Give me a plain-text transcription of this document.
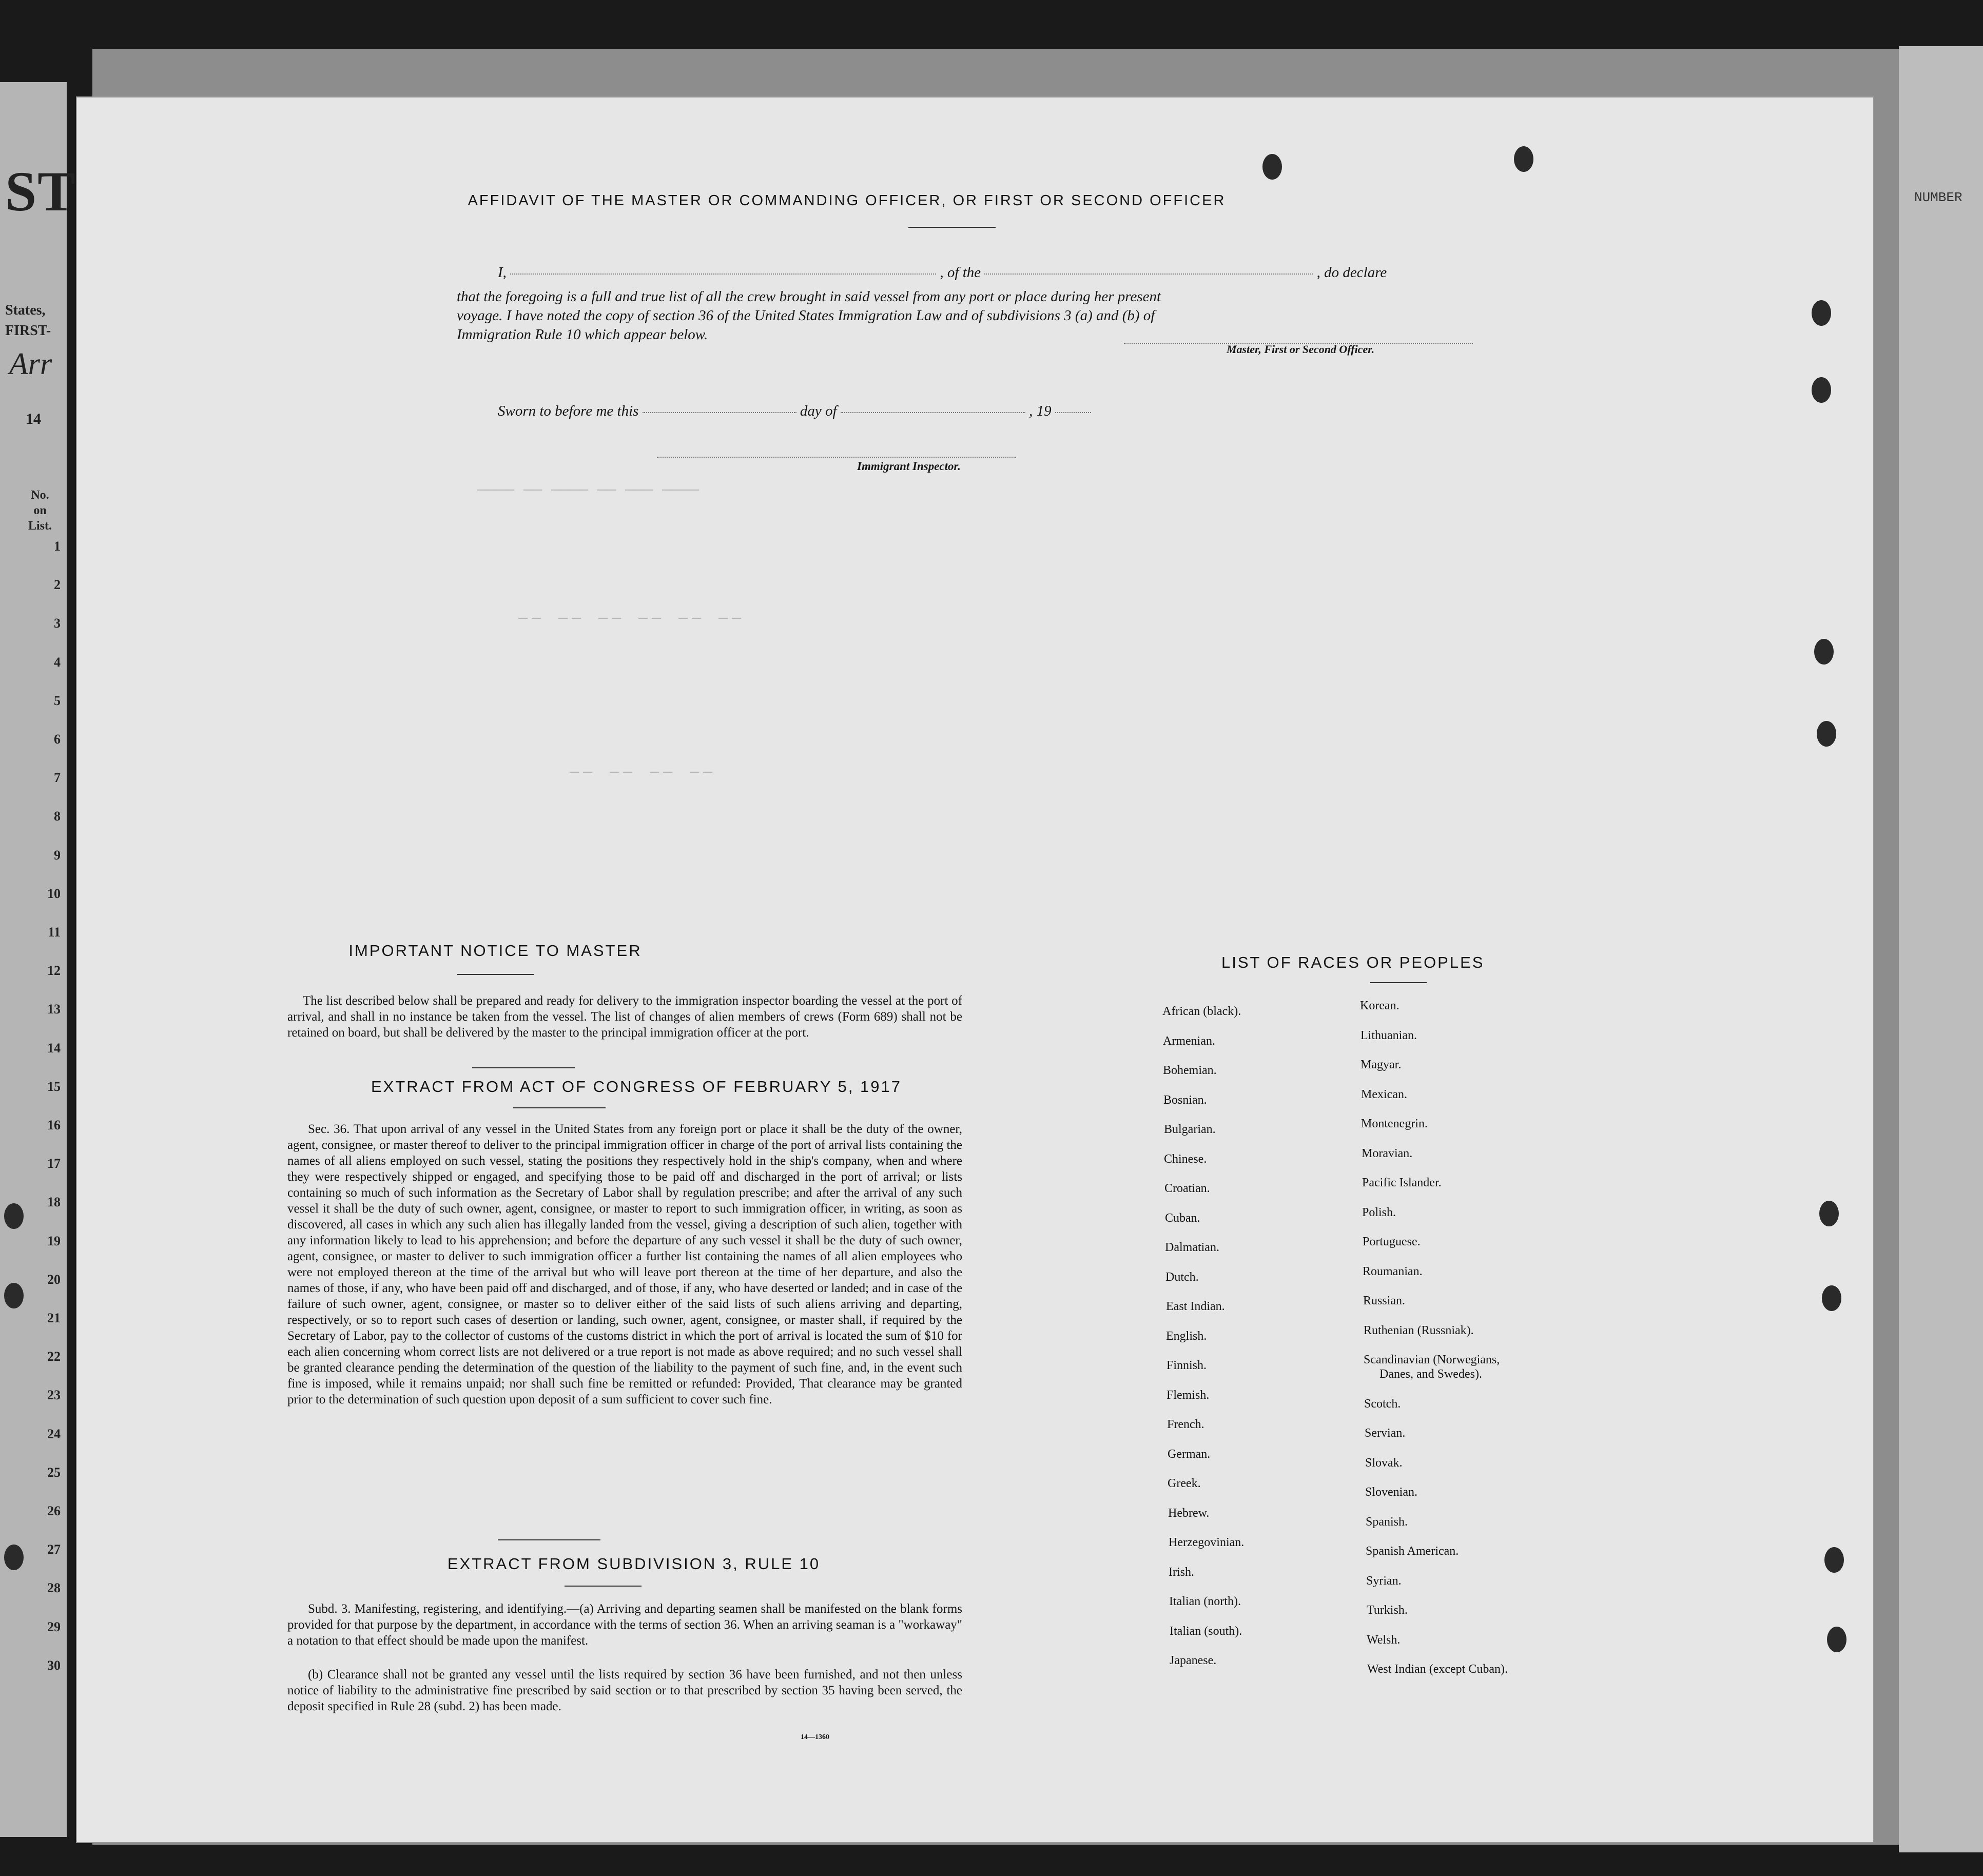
NUMBER
ST
States,
FIRST-
Arr
14
No.
on
List.
1
2
3
4
5
6
7
8
9
10
11
12
13
14
15
16
17
18
19
20
21
22
23
24
25
26
27
28
29
30
──── ── ──── ── ─── ────
── ── ── ── ── ──
── ── ── ──
AFFIDAVIT OF THE MASTER OR COMMANDING OFFICER, OR FIRST OR SECOND OFFICER
I,	, of the	, do declare
that the foregoing is a full and true list of all the crew brought in said vessel from any port or place during her present
voyage. I have noted the copy of section 36 of the United States Immigration Law and of subdivisions 3 (a) and (b) of
Immigration Rule 10 which appear below.
Master, First or Second Officer.
Sworn to before me this	day of	, 19
Immigrant Inspector.
IMPORTANT NOTICE TO MASTER
The list described below shall be prepared and ready for delivery to the immigration inspector boarding the vessel at the port of arrival, and shall in no instance be taken from the vessel. The list of changes of alien members of crews (Form 689) shall not be retained on board, but shall be delivered by the master to the principal immigration officer at the port.
EXTRACT FROM ACT OF CONGRESS OF FEBRUARY 5, 1917
Sec. 36. That upon arrival of any vessel in the United States from any foreign port or place it shall be the duty of the owner, agent, consignee, or master thereof to deliver to the principal immigration officer in charge of the port of arrival lists containing the names of all aliens employed on such vessel, stating the positions they respectively hold in the ship's company, when and where they were respectively shipped or engaged, and specifying those to be paid off and discharged in the port of arrival; or lists containing so much of such information as the Secretary of Labor shall by regulation prescribe; and after the arrival of any such vessel it shall be the duty of such owner, agent, consignee, or master to report to such immigration officer, in writing, as soon as discovered, all cases in which any such alien has illegally landed from the vessel, giving a description of such alien, together with any information likely to lead to his apprehension; and before the departure of any such vessel it shall be the duty of such owner, agent, consignee, or master to deliver to such immigration officer a further list containing the names of all alien employees who were not employed thereon at the time of the arrival but who will leave port thereon at the time of her departure, and also the names of those, if any, who have been paid off and discharged, and of those, if any, who have deserted or landed; and in case of the failure of such owner, agent, consignee, or master so to deliver either of the said lists of such aliens arriving and departing, respectively, or so to report such cases of desertion or landing, such owner, agent, consignee, or master shall, if required by the Secretary of Labor, pay to the collector of customs of the customs district in which the port of arrival is located the sum of $10 for each alien concerning whom correct lists are not delivered or a true report is not made as above required; and no such vessel shall be granted clearance pending the determination of the question of the liability to the payment of such fine, and, in the event such fine is imposed, while it remains unpaid; nor shall such fine be remitted or refunded: Provided, That clearance may be granted prior to the determination of such question upon deposit of a sum sufficient to cover such fine.
EXTRACT FROM SUBDIVISION 3, RULE 10
Subd. 3. Manifesting, registering, and identifying.—(a) Arriving and departing seamen shall be manifested on the blank forms provided for that purpose by the department, in accordance with the terms of section 36. When an arriving seaman is a "workaway" a notation to that effect should be made upon the manifest.
(b) Clearance shall not be granted any vessel until the lists required by section 36 have been furnished, and not then unless notice of liability to the administrative fine prescribed by said section or to that prescribed by section 35 having been served, the deposit specified in Rule 28 (subd. 2) has been made.
14—1360
LIST OF RACES OR PEOPLES
African (black).
Armenian.
Bohemian.
Bosnian.
Bulgarian.
Chinese.
Croatian.
Cuban.
Dalmatian.
Dutch.
East Indian.
English.
Finnish.
Flemish.
French.
German.
Greek.
Hebrew.
Herzegovinian.
Irish.
Italian (north).
Italian (south).
Japanese.
Korean.
Lithuanian.
Magyar.
Mexican.
Montenegrin.
Moravian.
Pacific Islander.
Polish.
Portuguese.
Roumanian.
Russian.
Ruthenian (Russniak).
Scandinavian (Norwegians,
Danes, and Swedes).
Scotch.
Servian.
Slovak.
Slovenian.
Spanish.
Spanish American.
Syrian.
Turkish.
Welsh.
West Indian (except Cuban).
